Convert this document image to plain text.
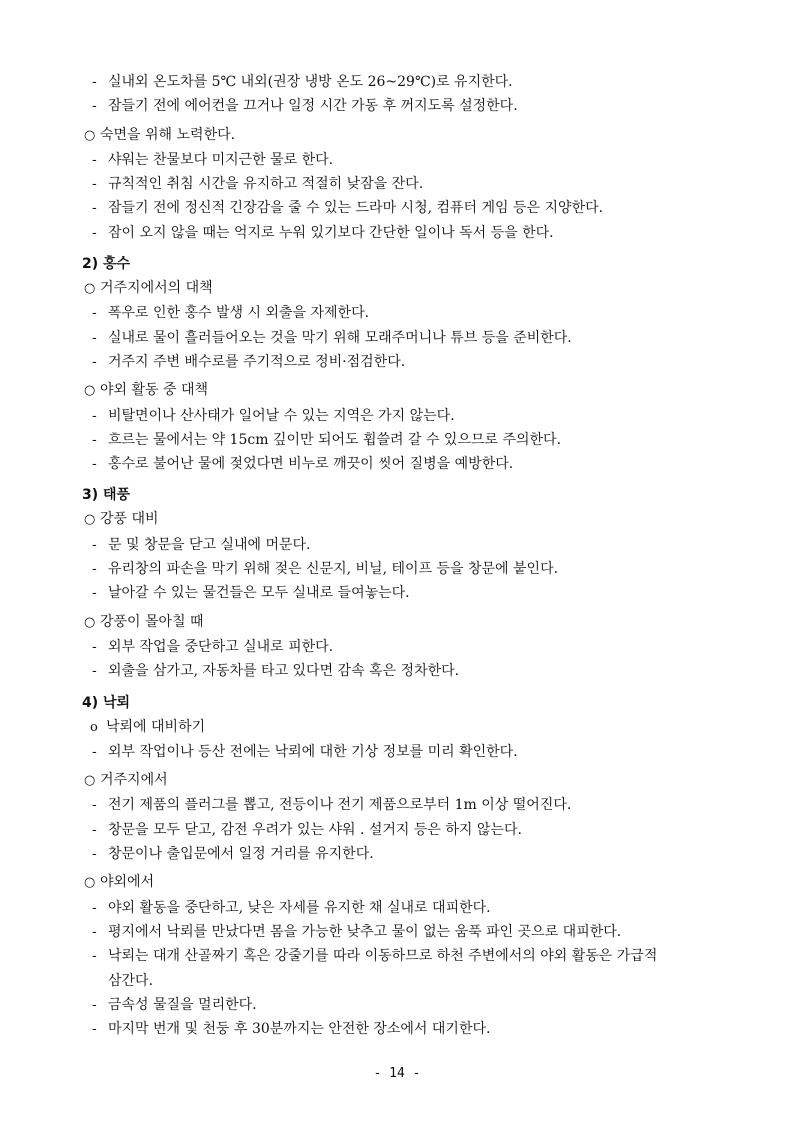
- 실내외 온도차를 5℃ 내외(권장 냉방 온도 26~29℃)로 유지한다.
- 잠들기 전에 에어컨을 끄거나 일정 시간 가동 후 꺼지도록 설정한다.
○ 숙면을 위해 노력한다.
- 샤워는 찬물보다 미지근한 물로 한다.
- 규칙적인 취침 시간을 유지하고 적절히 낮잠을 잔다.
- 잠들기 전에 정신적 긴장감을 줄 수 있는 드라마 시청, 컴퓨터 게임 등은 지양한다.
- 잠이 오지 않을 때는 억지로 누워 있기보다 간단한 일이나 독서 등을 한다.
2) 홍수
○ 거주지에서의 대책
- 폭우로 인한 홍수 발생 시 외출을 자제한다.
- 실내로 물이 흘러들어오는 것을 막기 위해 모래주머니나 튜브 등을 준비한다.
- 거주지 주변 배수로를 주기적으로 정비·점검한다.
○ 야외 활동 중 대책
- 비탈면이나 산사태가 일어날 수 있는 지역은 가지 않는다.
- 흐르는 물에서는 약 15cm 깊이만 되어도 휩쓸려 갈 수 있으므로 주의한다.
- 홍수로 불어난 물에 젖었다면 비누로 깨끗이 씻어 질병을 예방한다.
3) 태풍
○ 강풍 대비
- 문 및 창문을 닫고 실내에 머문다.
- 유리창의 파손을 막기 위해 젖은 신문지, 비닐, 테이프 등을 창문에 붙인다.
- 날아갈 수 있는 물건들은 모두 실내로 들여놓는다.
○ 강풍이 몰아칠 때
- 외부 작업을 중단하고 실내로 피한다.
- 외출을 삼가고, 자동차를 타고 있다면 감속 혹은 정차한다.
4) 낙뢰
o 낙뢰에 대비하기
- 외부 작업이나 등산 전에는 낙뢰에 대한 기상 정보를 미리 확인한다.
○ 거주지에서
- 전기 제품의 플러그를 뽑고, 전등이나 전기 제품으로부터 1m 이상 떨어진다.
- 창문을 모두 닫고, 감전 우려가 있는 샤워 . 설거지 등은 하지 않는다.
- 창문이나 출입문에서 일정 거리를 유지한다.
○ 야외에서
- 야외 활동을 중단하고, 낮은 자세를 유지한 채 실내로 대피한다.
- 평지에서 낙뢰를 만났다면 몸을 가능한 낮추고 물이 없는 움푹 파인 곳으로 대피한다.
- 낙뢰는 대개 산골짜기 혹은 강줄기를 따라 이동하므로 하천 주변에서의 야외 활동은 가급적
삼간다.
- 금속성 물질을 멀리한다.
- 마지막 번개 및 천둥 후 30분까지는 안전한 장소에서 대기한다.
- 14 -
